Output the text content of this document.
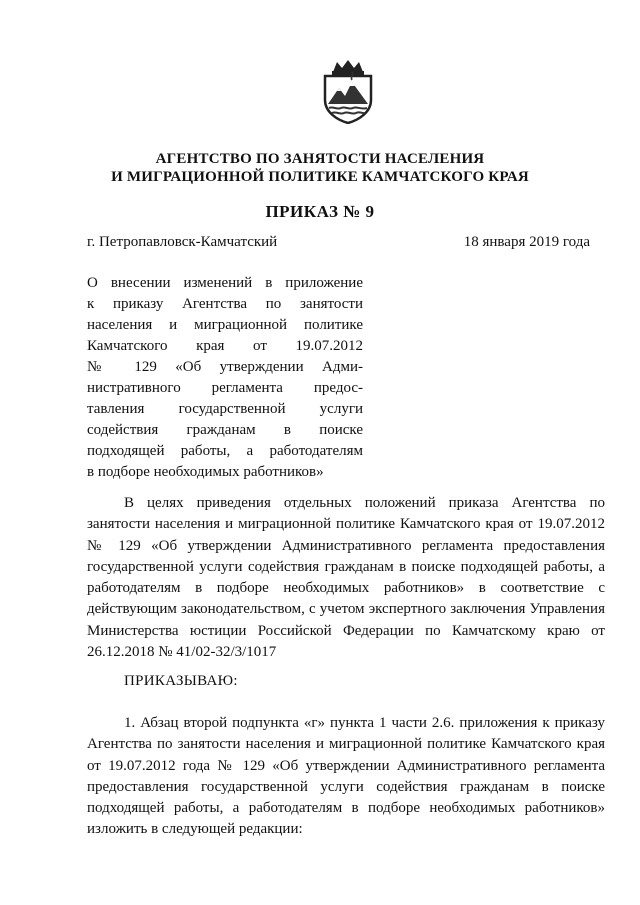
АГЕНТСТВО ПО ЗАНЯТОСТИ НАСЕЛЕНИЯ
И МИГРАЦИОННОЙ ПОЛИТИКЕ КАМЧАТСКОГО КРАЯ
ПРИКАЗ № 9
г. Петропавловск-Камчатский	18 января 2019 года
О внесении изменений в приложение
к приказу Агентства по занятости
населения и миграционной политике
Камчатского края от 19.07.2012
№ 129 «Об утверждении Адми-
нистративного регламента предос-
тавления государственной услуги
содействия гражданам в поиске
подходящей работы, а работодателям
в подборе необходимых работников»

В целях приведения отдельных положений приказа Агентства по занятости населения и миграционной политике Камчатского края от 19.07.2012 № 129 «Об утверждении Административного регламента предоставления государственной услуги содействия гражданам в поиске подходящей работы, а работодателям в подборе необходимых работников» в соответствие с действующим законодательством, с учетом экспертного заключения Управления Министерства юстиции Российской Федерации по Камчатскому краю от 26.12.2018 № 41/02-32/3/1017

ПРИКАЗЫВАЮ:

1. Абзац второй подпункта «г» пункта 1 части 2.6. приложения к приказу Агентства по занятости населения и миграционной политике Камчатского края от 19.07.2012 года № 129 «Об утверждении Административного регламента предоставления государственной услуги содействия гражданам в поиске подходящей работы, а работодателям в подборе необходимых работников» изложить в следующей редакции:
